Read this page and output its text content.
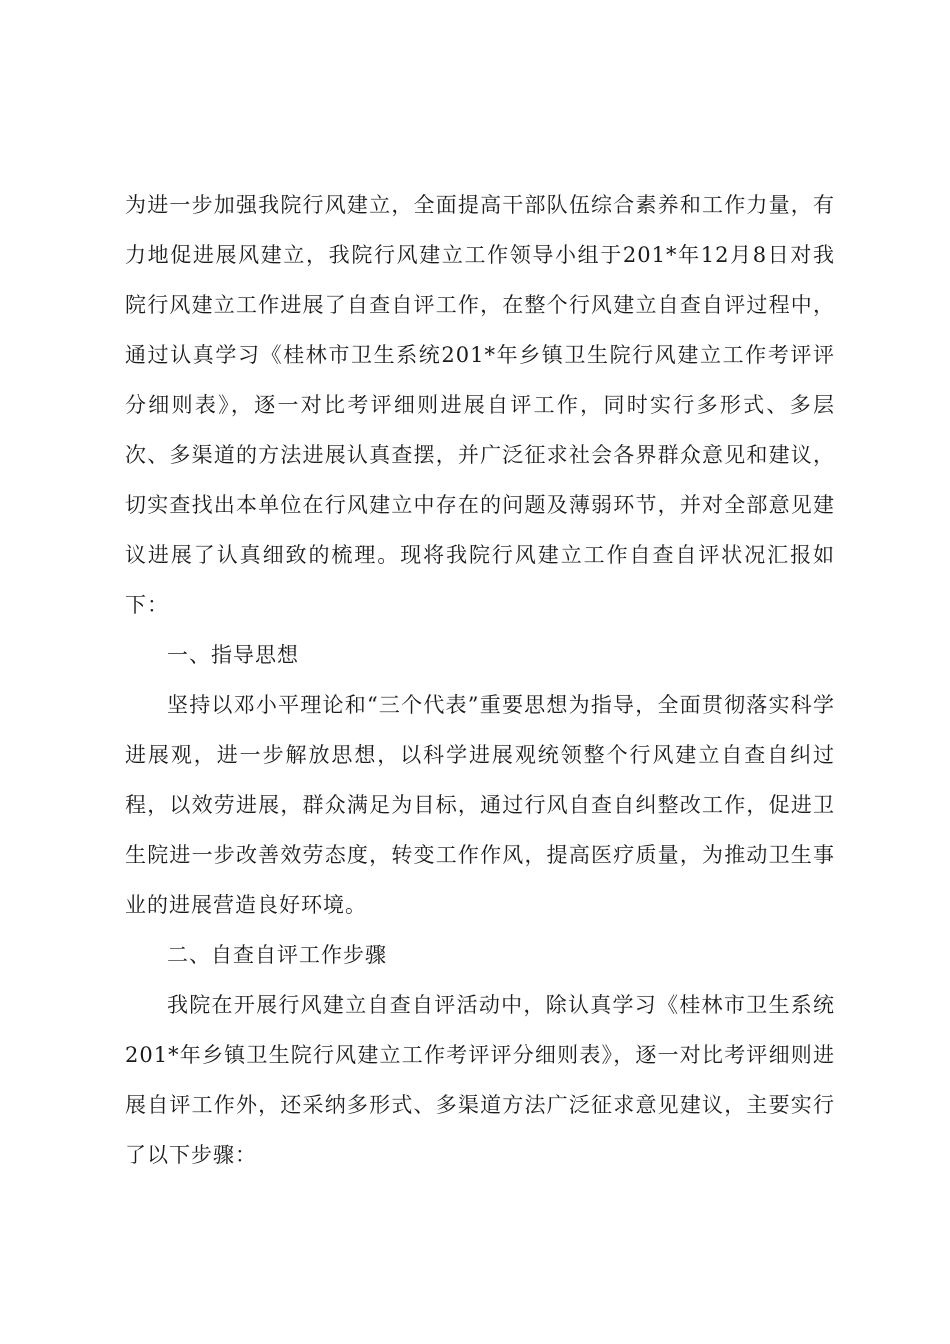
为进一步加强我院行风建立，全面提高干部队伍综合素养和工作力量，有力地促进展风建立，我院行风建立工作领导小组于201*年12月8日对我院行风建立工作进展了自查自评工作，在整个行风建立自查自评过程中，通过认真学习《桂林市卫生系统201*年乡镇卫生院行风建立工作考评评分细则表》，逐一对比考评细则进展自评工作，同时实行多形式、多层次、多渠道的方法进展认真查摆，并广泛征求社会各界群众意见和建议，切实查找出本单位在行风建立中存在的问题及薄弱环节，并对全部意见建议进展了认真细致的梳理。现将我院行风建立工作自查自评状况汇报如下：

一、指导思想

坚持以邓小平理论和“三个代表”重要思想为指导，全面贯彻落实科学进展观，进一步解放思想，以科学进展观统领整个行风建立自查自纠过程，以效劳进展，群众满足为目标，通过行风自查自纠整改工作，促进卫生院进一步改善效劳态度，转变工作作风，提高医疗质量，为推动卫生事业的进展营造良好环境。

二、自查自评工作步骤

我院在开展行风建立自查自评活动中，除认真学习《桂林市卫生系统201*年乡镇卫生院行风建立工作考评评分细则表》，逐一对比考评细则进展自评工作外，还采纳多形式、多渠道方法广泛征求意见建议，主要实行了以下步骤：
